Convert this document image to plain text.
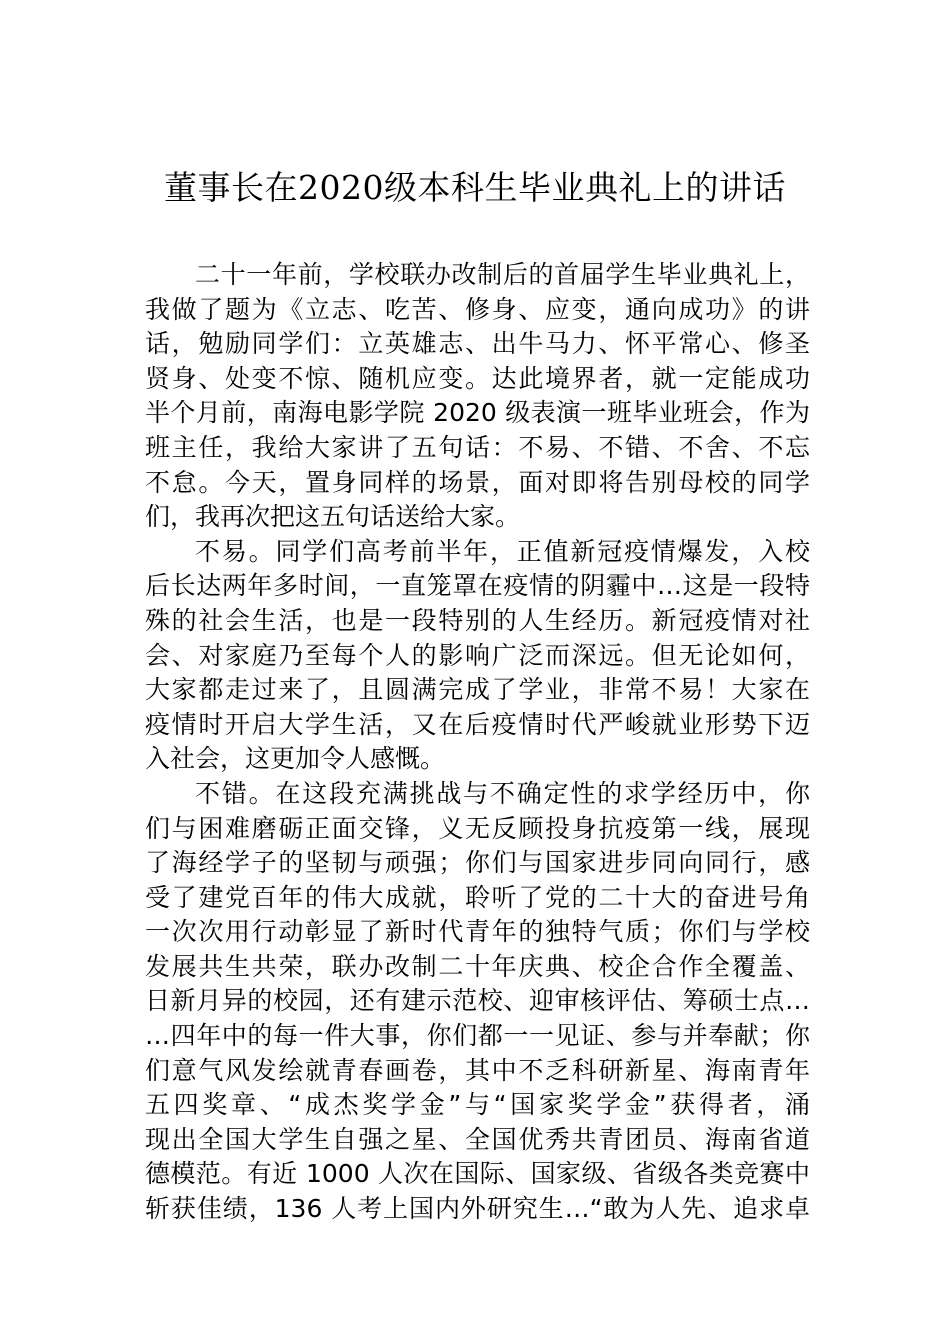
董事长在2020级本科生毕业典礼上的讲话
二十一年前，学校联办改制后的首届学生毕业典礼上，
我做了题为《立志、吃苦、修身、应变，通向成功》的讲
话，勉励同学们：立英雄志、出牛马力、怀平常心、修圣
贤身、处变不惊、随机应变。达此境界者，就一定能成功
半个月前，南海电影学院 2020 级表演一班毕业班会，作为
班主任，我给大家讲了五句话：不易、不错、不舍、不忘
不怠。今天，置身同样的场景，面对即将告别母校的同学
们，我再次把这五句话送给大家。
不易。同学们高考前半年，正值新冠疫情爆发，入校
后长达两年多时间，一直笼罩在疫情的阴霾中…这是一段特
殊的社会生活，也是一段特别的人生经历。新冠疫情对社
会、对家庭乃至每个人的影响广泛而深远。但无论如何，
大家都走过来了，且圆满完成了学业，非常不易！大家在
疫情时开启大学生活，又在后疫情时代严峻就业形势下迈
入社会，这更加令人感慨。
不错。在这段充满挑战与不确定性的求学经历中，你
们与困难磨砺正面交锋，义无反顾投身抗疫第一线，展现
了海经学子的坚韧与顽强；你们与国家进步同向同行，感
受了建党百年的伟大成就，聆听了党的二十大的奋进号角
一次次用行动彰显了新时代青年的独特气质；你们与学校
发展共生共荣，联办改制二十年庆典、校企合作全覆盖、
日新月异的校园，还有建示范校、迎审核评估、筹硕士点…
…四年中的每一件大事，你们都一一见证、参与并奉献；你
们意气风发绘就青春画卷，其中不乏科研新星、海南青年
五四奖章、“成杰奖学金”与“国家奖学金”获得者，涌
现出全国大学生自强之星、全国优秀共青团员、海南省道
德模范。有近 1000 人次在国际、国家级、省级各类竞赛中
斩获佳绩，136 人考上国内外研究生…“敢为人先、追求卓
